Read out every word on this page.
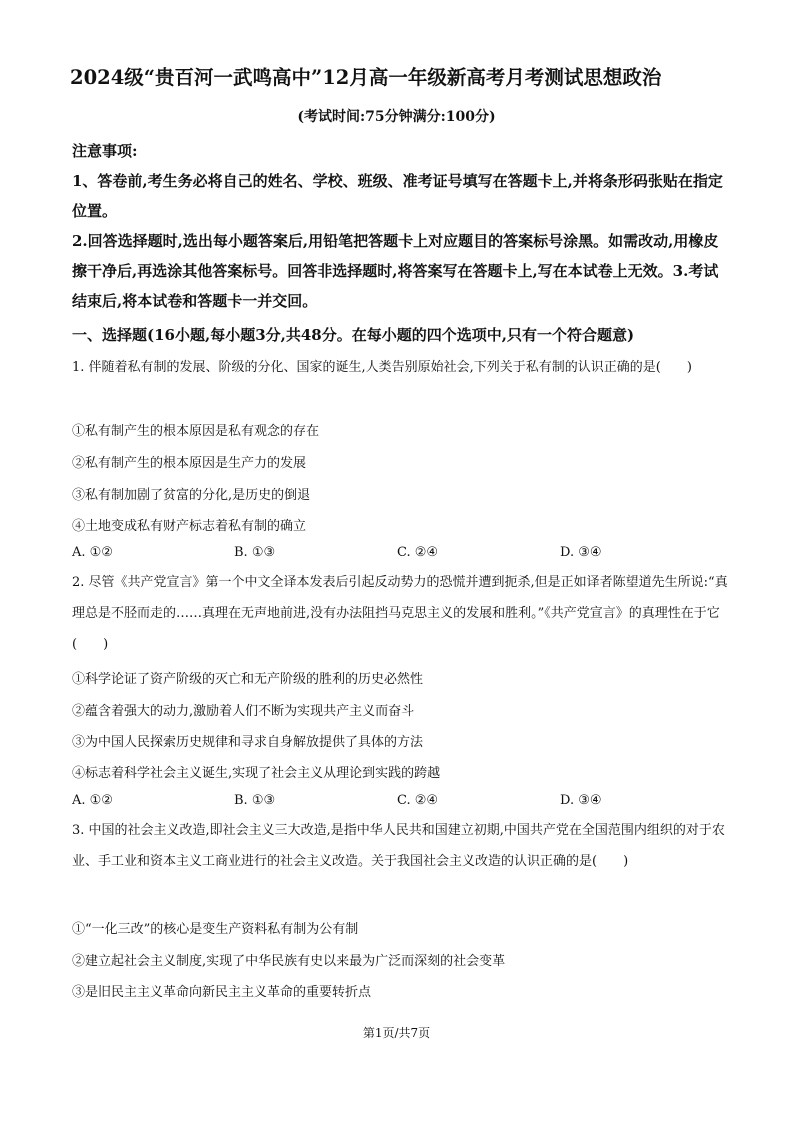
2024级“贵百河一武鸣高中”12月高一年级新高考月考测试思想政治
(考试时间:75分钟满分:100分)
注意事项:
1、答卷前,考生务必将自己的姓名、学校、班级、准考证号填写在答题卡上,并将条形码张贴在指定位置。
2.回答选择题时,选出每小题答案后,用铅笔把答题卡上对应题目的答案标号涂黑。如需改动,用橡皮擦干净后,再选涂其他答案标号。回答非选择题时,将答案写在答题卡上,写在本试卷上无效。3.考试结束后,将本试卷和答题卡一并交回。
一、选择题(16小题,每小题3分,共48分。在每小题的四个选项中,只有一个符合题意)
1. 伴随着私有制的发展、阶级的分化、国家的诞生,人类告别原始社会,下列关于私有制的认识正确的是(　　)
①私有制产生的根本原因是私有观念的存在
②私有制产生的根本原因是生产力的发展
③私有制加剧了贫富的分化,是历史的倒退
④土地变成私有财产标志着私有制的确立
A. ①②	B. ①③	C. ②④	D. ③④
2. 尽管《共产党宣言》第一个中文全译本发表后引起反动势力的恐慌并遭到扼杀,但是正如译者陈望道先生所说:“真理总是不胫而走的……真理在无声地前进,没有办法阻挡马克思主义的发展和胜利。”《共产党宣言》的真理性在于它(　　)
①科学论证了资产阶级的灭亡和无产阶级的胜利的历史必然性
②蕴含着强大的动力,激励着人们不断为实现共产主义而奋斗
③为中国人民探索历史规律和寻求自身解放提供了具体的方法
④标志着科学社会主义诞生,实现了社会主义从理论到实践的跨越
A. ①②	B. ①③	C. ②④	D. ③④
3. 中国的社会主义改造,即社会主义三大改造,是指中华人民共和国建立初期,中国共产党在全国范围内组织的对于农业、手工业和资本主义工商业进行的社会主义改造。关于我国社会主义改造的认识正确的是(　　)
①“一化三改”的核心是变生产资料私有制为公有制
②建立起社会主义制度,实现了中华民族有史以来最为广泛而深刻的社会变革
③是旧民主主义革命向新民主主义革命的重要转折点
第1页/共7页
